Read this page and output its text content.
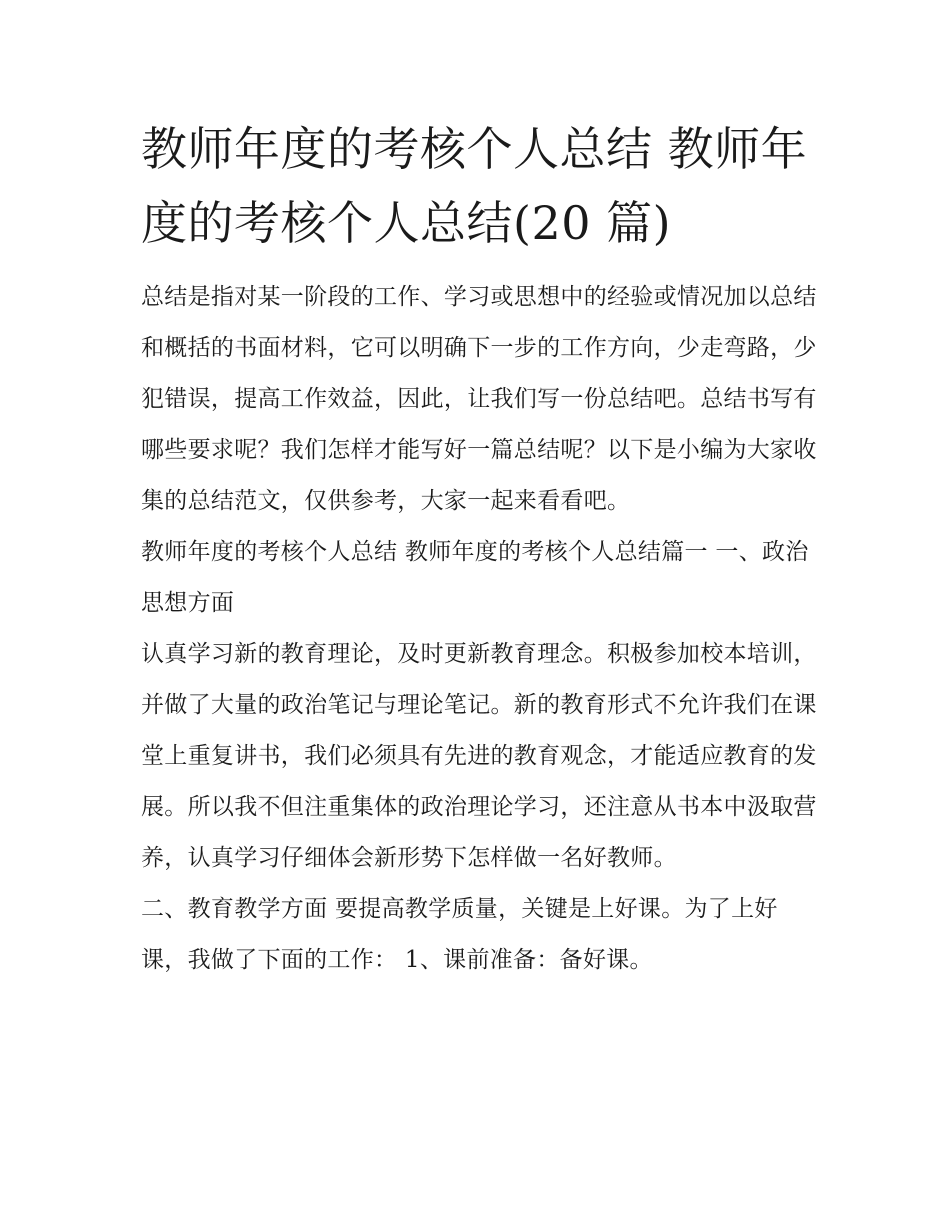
教师年度的考核个人总结 教师年度的考核个人总结(20 篇)

总结是指对某一阶段的工作、学习或思想中的经验或情况加以总结和概括的书面材料，它可以明确下一步的工作方向，少走弯路，少犯错误，提高工作效益，因此，让我们写一份总结吧。总结书写有哪些要求呢？我们怎样才能写好一篇总结呢？以下是小编为大家收集的总结范文，仅供参考，大家一起来看看吧。

教师年度的考核个人总结 教师年度的考核个人总结篇一 一、政治思想方面

认真学习新的教育理论，及时更新教育理念。积极参加校本培训，并做了大量的政治笔记与理论笔记。新的教育形式不允许我们在课堂上重复讲书，我们必须具有先进的教育观念，才能适应教育的发展。所以我不但注重集体的政治理论学习，还注意从书本中汲取营养，认真学习仔细体会新形势下怎样做一名好教师。

二、教育教学方面 要提高教学质量，关键是上好课。为了上好课，我做了下面的工作： 1、课前准备：备好课。
